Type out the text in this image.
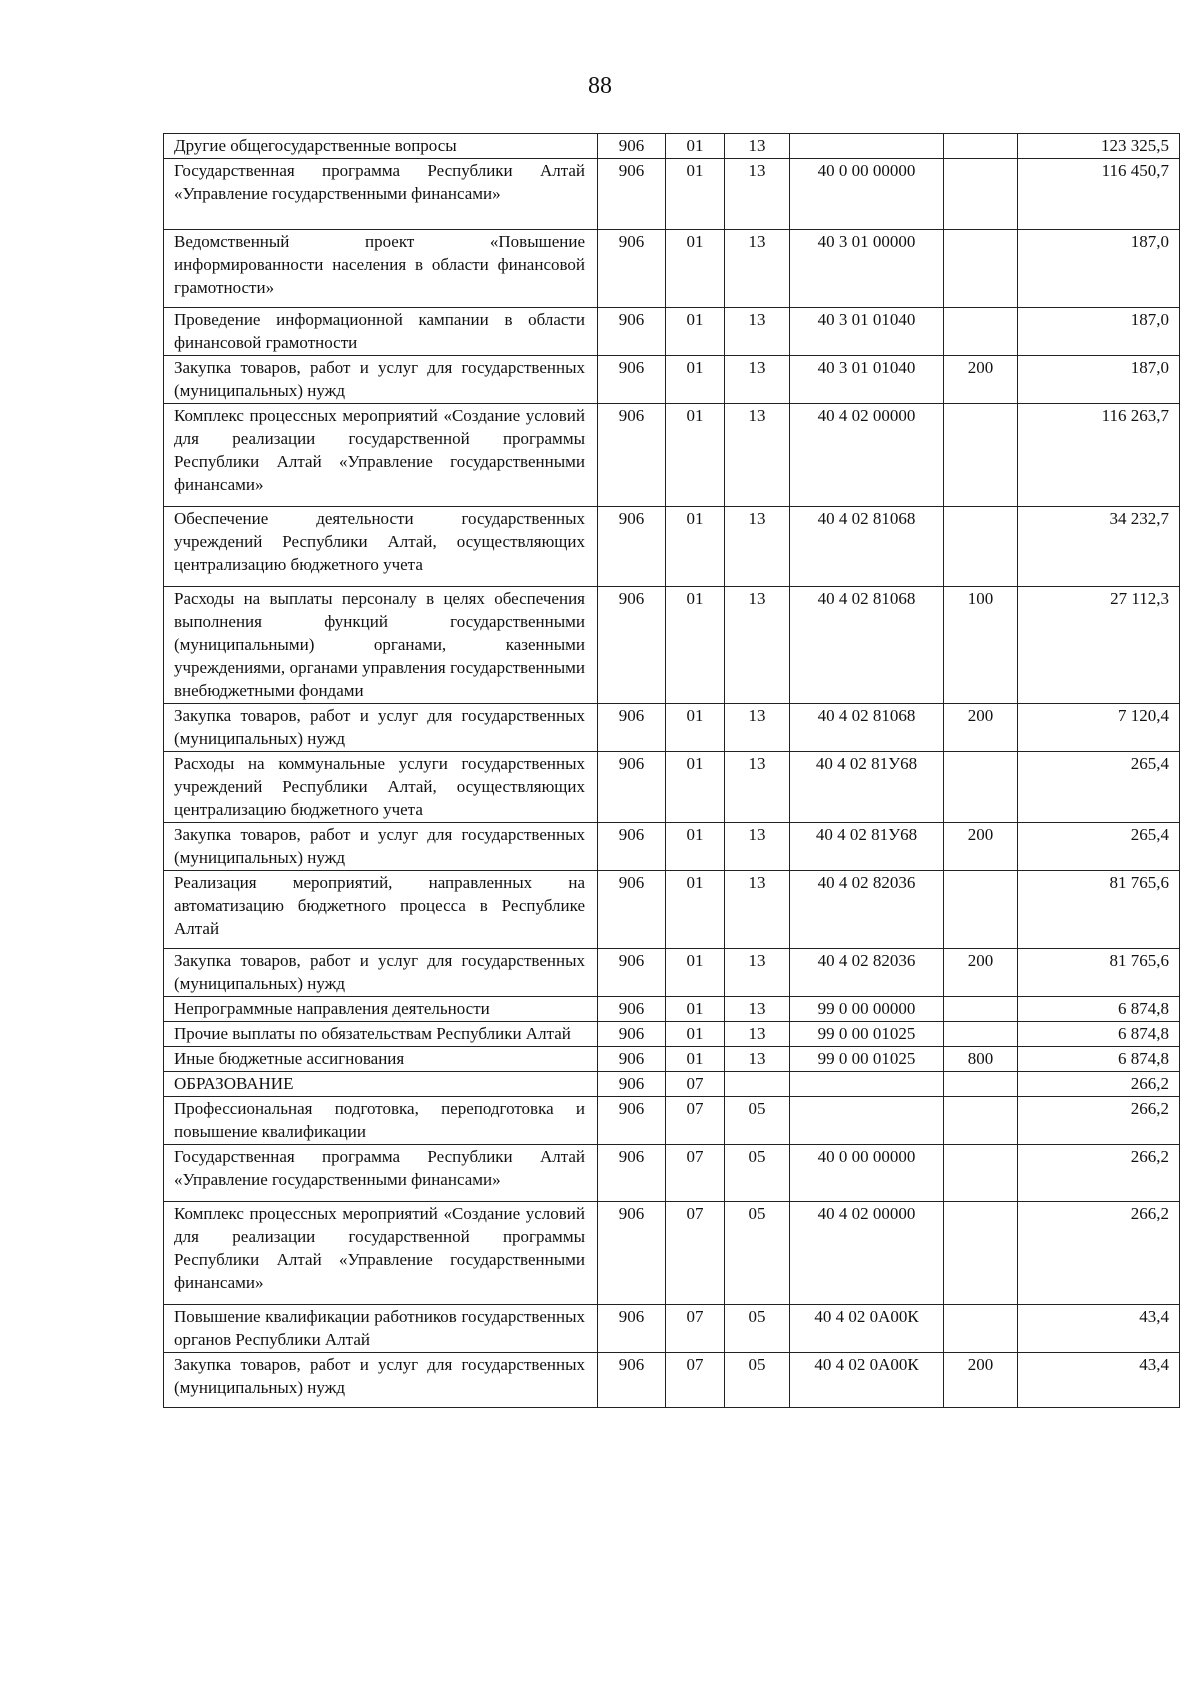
88
Другие общегосударственные вопросы	906	01	13			123 325,5
Государственная программа Республики Алтай «Управление государственными финансами»	906	01	13	40 0 00 00000		116 450,7
Ведомственный проект «Повышение информированности населения в области финансовой грамотности»	906	01	13	40 3 01 00000		187,0
Проведение информационной кампании в области финансовой грамотности	906	01	13	40 3 01 01040		187,0
Закупка товаров, работ и услуг для государственных (муниципальных) нужд	906	01	13	40 3 01 01040	200	187,0
Комплекс процессных мероприятий «Создание условий для реализации государственной программы Республики Алтай «Управление государственными финансами»	906	01	13	40 4 02 00000		116 263,7
Обеспечение деятельности государственных учреждений Республики Алтай, осуществляющих централизацию бюджетного учета	906	01	13	40 4 02 81068		34 232,7
Расходы на выплаты персоналу в целях обеспечения выполнения функций государственными (муниципальными) органами, казенными учреждениями, органами управления государственными внебюджетными фондами	906	01	13	40 4 02 81068	100	27 112,3
Закупка товаров, работ и услуг для государственных (муниципальных) нужд	906	01	13	40 4 02 81068	200	7 120,4
Расходы на коммунальные услуги государственных учреждений Республики Алтай, осуществляющих централизацию бюджетного учета	906	01	13	40 4 02 81У68		265,4
Закупка товаров, работ и услуг для государственных (муниципальных) нужд	906	01	13	40 4 02 81У68	200	265,4
Реализация мероприятий, направленных на автоматизацию бюджетного процесса в Республике Алтай	906	01	13	40 4 02 82036		81 765,6
Закупка товаров, работ и услуг для государственных (муниципальных) нужд	906	01	13	40 4 02 82036	200	81 765,6
Непрограммные направления деятельности	906	01	13	99 0 00 00000		6 874,8
Прочие выплаты по обязательствам Республики Алтай	906	01	13	99 0 00 01025		6 874,8
Иные бюджетные ассигнования	906	01	13	99 0 00 01025	800	6 874,8
ОБРАЗОВАНИЕ	906	07				266,2
Профессиональная подготовка, переподготовка и повышение квалификации	906	07	05			266,2
Государственная программа Республики Алтай «Управление государственными финансами»	906	07	05	40 0 00 00000		266,2
Комплекс процессных мероприятий «Создание условий для реализации государственной программы Республики Алтай «Управление государственными финансами»	906	07	05	40 4 02 00000		266,2
Повышение квалификации работников государственных органов Республики Алтай	906	07	05	40 4 02 0А00К		43,4
Закупка товаров, работ и услуг для государственных (муниципальных) нужд	906	07	05	40 4 02 0А00К	200	43,4
